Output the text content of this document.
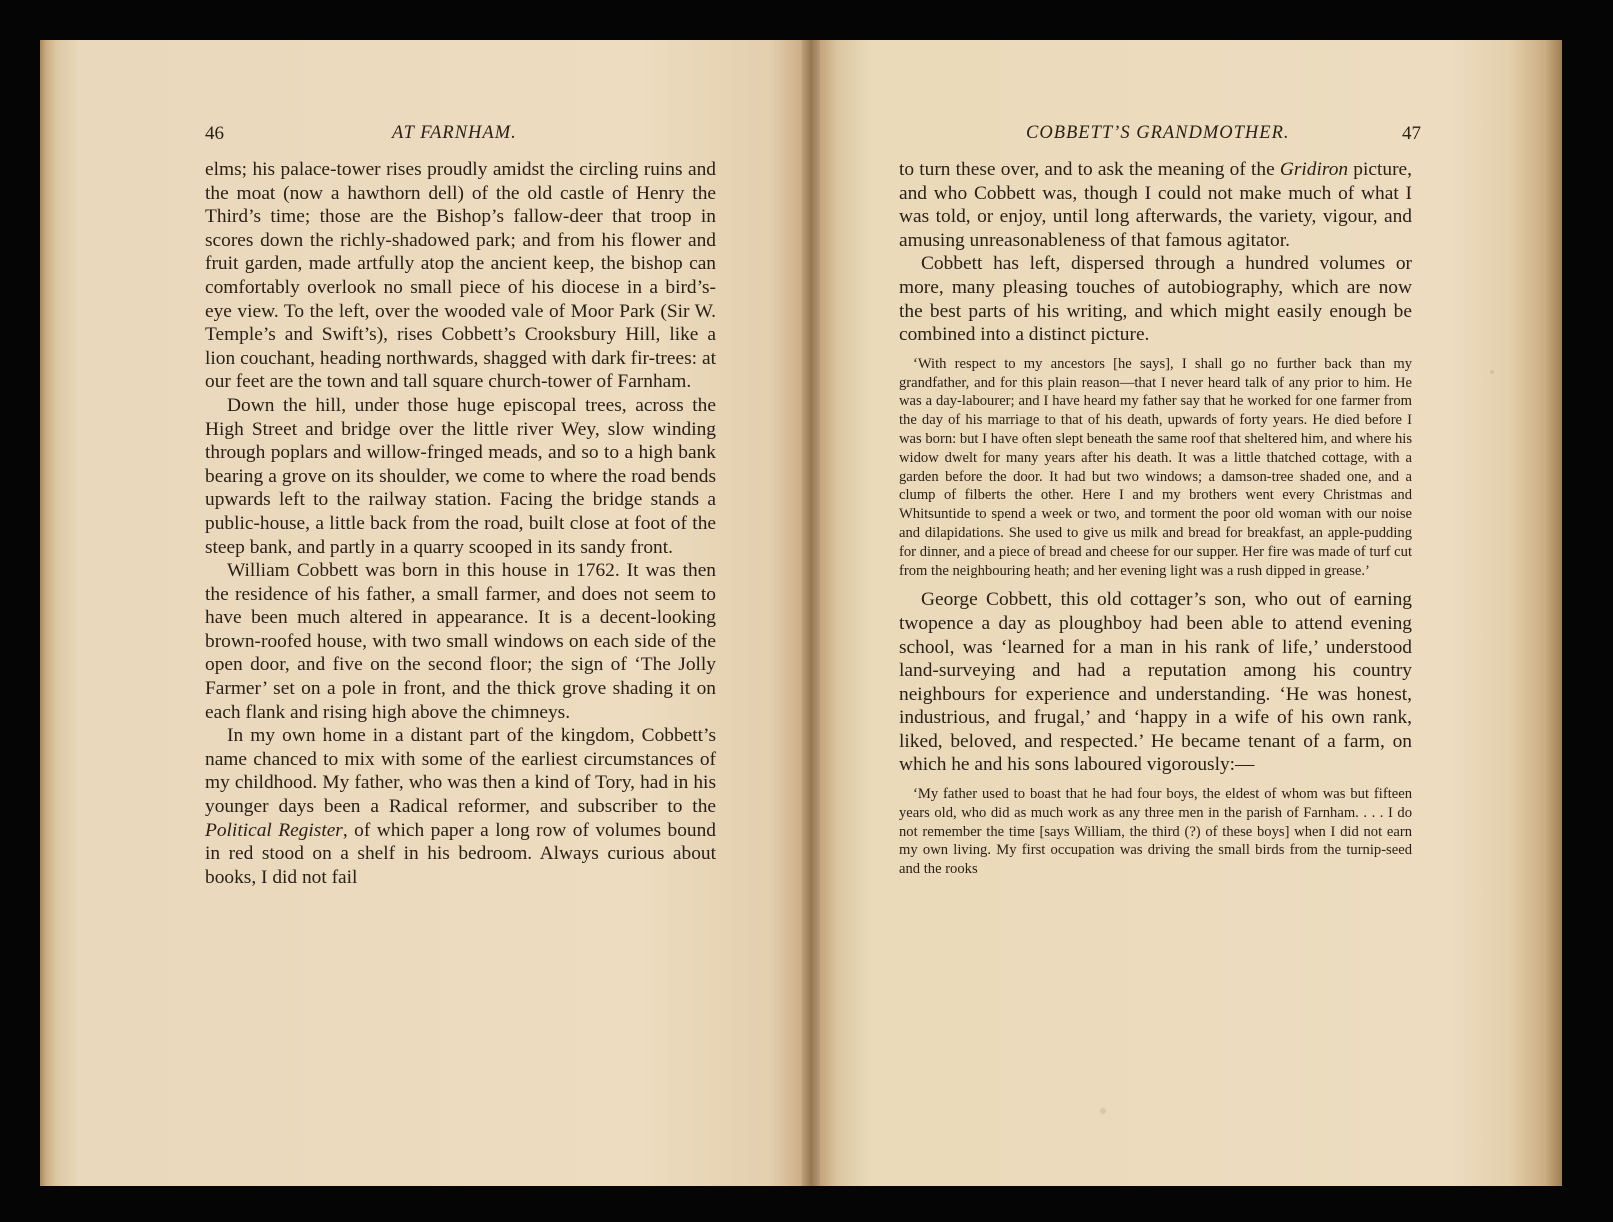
46	AT FARNHAM.

elms; his palace-tower rises proudly amidst the circling ruins and the moat (now a hawthorn dell) of the old castle of Henry the Third’s time; those are the Bishop’s fallow-deer that troop in scores down the richly-shadowed park; and from his flower and fruit garden, made artfully atop the ancient keep, the bishop can comfortably overlook no small piece of his diocese in a bird’s-eye view. To the left, over the wooded vale of Moor Park (Sir W. Temple’s and Swift’s), rises Cobbett’s Crooksbury Hill, like a lion couchant, heading northwards, shagged with dark fir-trees: at our feet are the town and tall square church-tower of Farnham.

Down the hill, under those huge episcopal trees, across the High Street and bridge over the little river Wey, slow winding through poplars and willow-fringed meads, and so to a high bank bearing a grove on its shoulder, we come to where the road bends upwards left to the railway station. Facing the bridge stands a public-house, a little back from the road, built close at foot of the steep bank, and partly in a quarry scooped in its sandy front.

William Cobbett was born in this house in 1762. It was then the residence of his father, a small farmer, and does not seem to have been much altered in appearance. It is a decent-looking brown-roofed house, with two small windows on each side of the open door, and five on the second floor; the sign of ‘The Jolly Farmer’ set on a pole in front, and the thick grove shading it on each flank and rising high above the chimneys.

In my own home in a distant part of the kingdom, Cobbett’s name chanced to mix with some of the earliest circumstances of my childhood. My father, who was then a kind of Tory, had in his younger days been a Radical reformer, and subscriber to the Political Register, of which paper a long row of volumes bound in red stood on a shelf in his bedroom. Always curious about books, I did not fail

COBBETT’S GRANDMOTHER.	47

to turn these over, and to ask the meaning of the Gridiron picture, and who Cobbett was, though I could not make much of what I was told, or enjoy, until long afterwards, the variety, vigour, and amusing unreasonableness of that famous agitator.

Cobbett has left, dispersed through a hundred volumes or more, many pleasing touches of autobiography, which are now the best parts of his writing, and which might easily enough be combined into a distinct picture.

‘With respect to my ancestors [he says], I shall go no further back than my grandfather, and for this plain reason—that I never heard talk of any prior to him. He was a day-labourer; and I have heard my father say that he worked for one farmer from the day of his marriage to that of his death, upwards of forty years. He died before I was born: but I have often slept beneath the same roof that sheltered him, and where his widow dwelt for many years after his death. It was a little thatched cottage, with a garden before the door. It had but two windows; a damson-tree shaded one, and a clump of filberts the other. Here I and my brothers went every Christmas and Whitsuntide to spend a week or two, and torment the poor old woman with our noise and dilapidations. She used to give us milk and bread for breakfast, an apple-pudding for dinner, and a piece of bread and cheese for our supper. Her fire was made of turf cut from the neighbouring heath; and her evening light was a rush dipped in grease.’

George Cobbett, this old cottager’s son, who out of earning twopence a day as ploughboy had been able to attend evening school, was ‘learned for a man in his rank of life,’ understood land-surveying and had a reputation among his country neighbours for experience and understanding. ‘He was honest, industrious, and frugal,’ and ‘happy in a wife of his own rank, liked, beloved, and respected.’ He became tenant of a farm, on which he and his sons laboured vigorously:—

‘My father used to boast that he had four boys, the eldest of whom was but fifteen years old, who did as much work as any three men in the parish of Farnham. . . . I do not remember the time [says William, the third (?) of these boys] when I did not earn my own living. My first occupation was driving the small birds from the turnip-seed and the rooks
